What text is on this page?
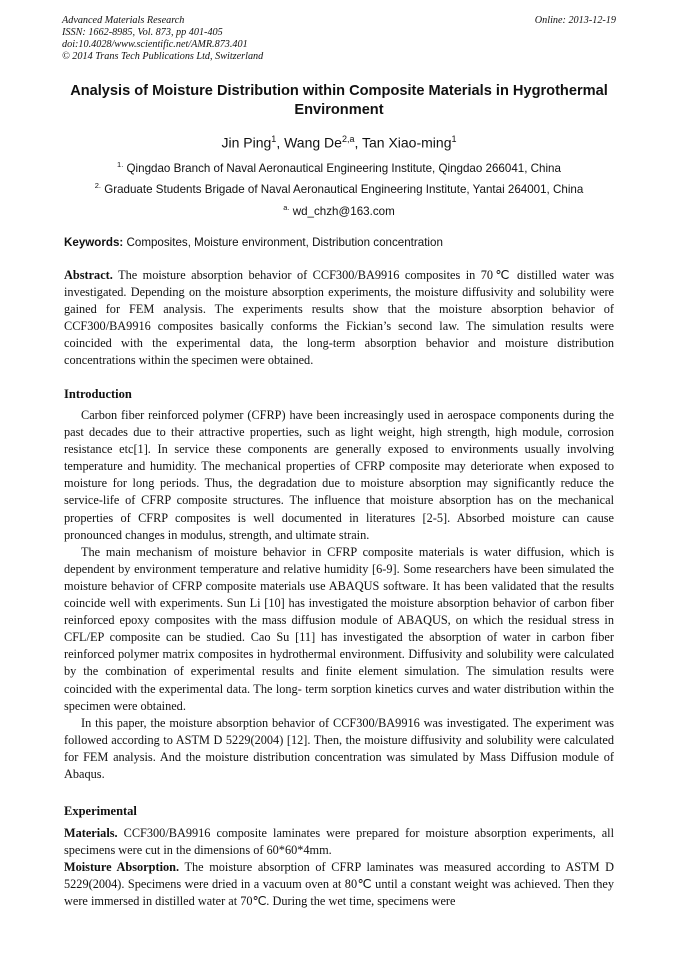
Advanced Materials Research	Online: 2013-12-19
ISSN: 1662-8985, Vol. 873, pp 401-405
doi:10.4028/www.scientific.net/AMR.873.401
© 2014 Trans Tech Publications Ltd, Switzerland
Analysis of Moisture Distribution within Composite Materials in Hygrothermal Environment
Jin Ping$^1$, Wang De$^{2,a}$, Tan Xiao-ming$^1$
$^{1.}$ Qingdao Branch of Naval Aeronautical Engineering Institute, Qingdao 266041, China
$^{2.}$ Graduate Students Brigade of Naval Aeronautical Engineering Institute, Yantai 264001, China
$^{a.}$ wd_chzh@163.com
Keywords: Composites, Moisture environment, Distribution concentration

Abstract. The moisture absorption behavior of CCF300/BA9916 composites in 70℃ distilled water was investigated. Depending on the moisture absorption experiments, the moisture diffusivity and solubility were gained for FEM analysis. The experiments results show that the moisture absorption behavior of CCF300/BA9916 composites basically conforms the Fickian’s second law. The simulation results were coincided with the experimental data, the long-term absorption behavior and moisture distribution concentrations within the specimen were obtained.

Introduction

Carbon fiber reinforced polymer (CFRP) have been increasingly used in aerospace components during the past decades due to their attractive properties, such as light weight, high strength, high module, corrosion resistance etc[1]. In service these components are generally exposed to environments usually involving temperature and humidity. The mechanical properties of CFRP composite may deteriorate when exposed to moisture for long periods. Thus, the degradation due to moisture absorption may significantly reduce the service-life of CFRP composite structures. The influence that moisture absorption has on the mechanical properties of CFRP composites is well documented in literatures [2-5]. Absorbed moisture can cause pronounced changes in modulus, strength, and ultimate strain.

The main mechanism of moisture behavior in CFRP composite materials is water diffusion, which is dependent by environment temperature and relative humidity [6-9]. Some researchers have been simulated the moisture behavior of CFRP composite materials use ABAQUS software. It has been validated that the results coincide well with experiments. Sun Li [10] has investigated the moisture absorption behavior of carbon fiber reinforced epoxy composites with the mass diffusion module of ABAQUS, on which the residual stress in CFL/EP composite can be studied. Cao Su [11] has investigated the absorption of water in carbon fiber reinforced polymer matrix composites in hydrothermal environment. Diffusivity and solubility were calculated by the combination of experimental results and finite element simulation. The simulation results were coincided with the experimental data. The long- term sorption kinetics curves and water distribution within the specimen were obtained.

In this paper, the moisture absorption behavior of CCF300/BA9916 was investigated. The experiment was followed according to ASTM D 5229(2004) [12]. Then, the moisture diffusivity and solubility were calculated for FEM analysis. And the moisture distribution concentration was simulated by Mass Diffusion module of Abaqus.

Experimental

Materials. CCF300/BA9916 composite laminates were prepared for moisture absorption experiments, all specimens were cut in the dimensions of 60*60*4mm.

Moisture Absorption. The moisture absorption of CFRP laminates was measured according to ASTM D 5229(2004). Specimens were dried in a vacuum oven at 80℃ until a constant weight was achieved. Then they were immersed in distilled water at 70℃. During the wet time, specimens were
